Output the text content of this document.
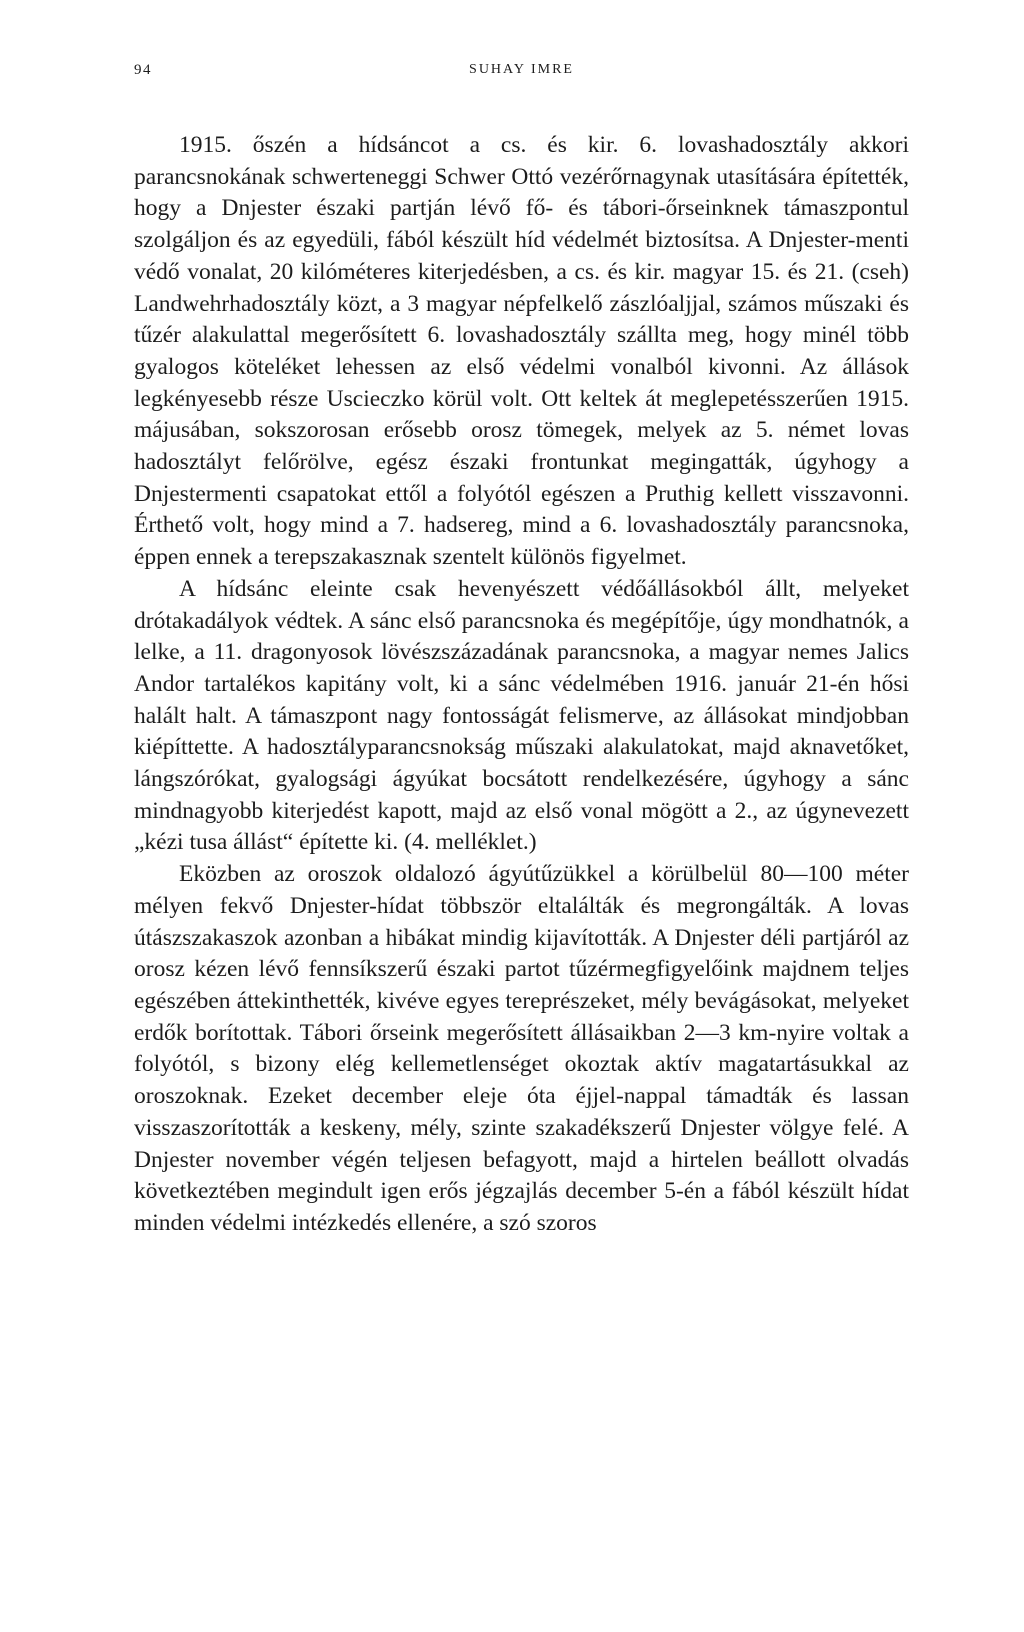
94	SUHAY IMRE

1915. őszén a hídsáncot a cs. és kir. 6. lovashadosztály akkori parancsnokának schwerteneggi Schwer Ottó vezérőrnagynak utasítására építették, hogy a Dnjester északi partján lévő fő- és tábori-őrseinknek támaszpontul szolgáljon és az egyedüli, fából készült híd védelmét biztosítsa. A Dnjester-menti védő vonalat, 20 kilóméteres kiterjedésben, a cs. és kir. magyar 15. és 21. (cseh) Landwehrhadosztály közt, a 3 magyar népfelkelő zászlóaljjal, számos műszaki és tűzér alakulattal megerősített 6. lovashadosztály szállta meg, hogy minél több gyalogos köteléket lehessen az első védelmi vonalból kivonni. Az állások legkényesebb része Uscieczko körül volt. Ott keltek át meglepetésszerűen 1915. májusában, sokszorosan erősebb orosz tömegek, melyek az 5. német lovas hadosztályt felőrölve, egész északi frontunkat megingatták, úgyhogy a Dnjestermenti csapatokat ettől a folyótól egészen a Pruthig kellett visszavonni. Érthető volt, hogy mind a 7. hadsereg, mind a 6. lovashadosztály parancsnoka, éppen ennek a terepszakasznak szentelt különös figyelmet.

A hídsánc eleinte csak hevenyészett védőállásokból állt, melyeket drótakadályok védtek. A sánc első parancsnoka és megépítője, úgy mondhatnók, a lelke, a 11. dragonyosok lövészszázadának parancsnoka, a magyar nemes Jalics Andor tartalékos kapitány volt, ki a sánc védelmében 1916. január 21-én hősi halált halt. A támaszpont nagy fontosságát felismerve, az állásokat mindjobban kiépíttette. A hadosztályparancsnokság műszaki alakulatokat, majd aknavetőket, lángszórókat, gyalogsági ágyúkat bocsátott rendelkezésére, úgyhogy a sánc mindnagyobb kiterjedést kapott, majd az első vonal mögött a 2., az úgynevezett „kézi tusa állást“ építette ki. (4. melléklet.)

Eközben az oroszok oldalozó ágyútűzükkel a körülbelül 80—100 méter mélyen fekvő Dnjester-hídat többször eltalálták és megrongálták. A lovas útászszakaszok azonban a hibákat mindig kijavították. A Dnjester déli partjáról az orosz kézen lévő fennsíkszerű északi partot tűzérmegfigyelőink majdnem teljes egészében áttekinthették, kivéve egyes tereprészeket, mély bevágásokat, melyeket erdők borítottak. Tábori őrseink megerősített állásaikban 2—3 km-nyire voltak a folyótól, s bizony elég kellemetlenséget okoztak aktív magatartásukkal az oroszoknak. Ezeket december eleje óta éjjel-nappal támadták és lassan visszaszorították a keskeny, mély, szinte szakadékszerű Dnjester völgye felé. A Dnjester november végén teljesen befagyott, majd a hirtelen beállott olvadás következtében megindult igen erős jégzajlás december 5-én a fából készült hídat minden védelmi intézkedés ellenére, a szó szoros
